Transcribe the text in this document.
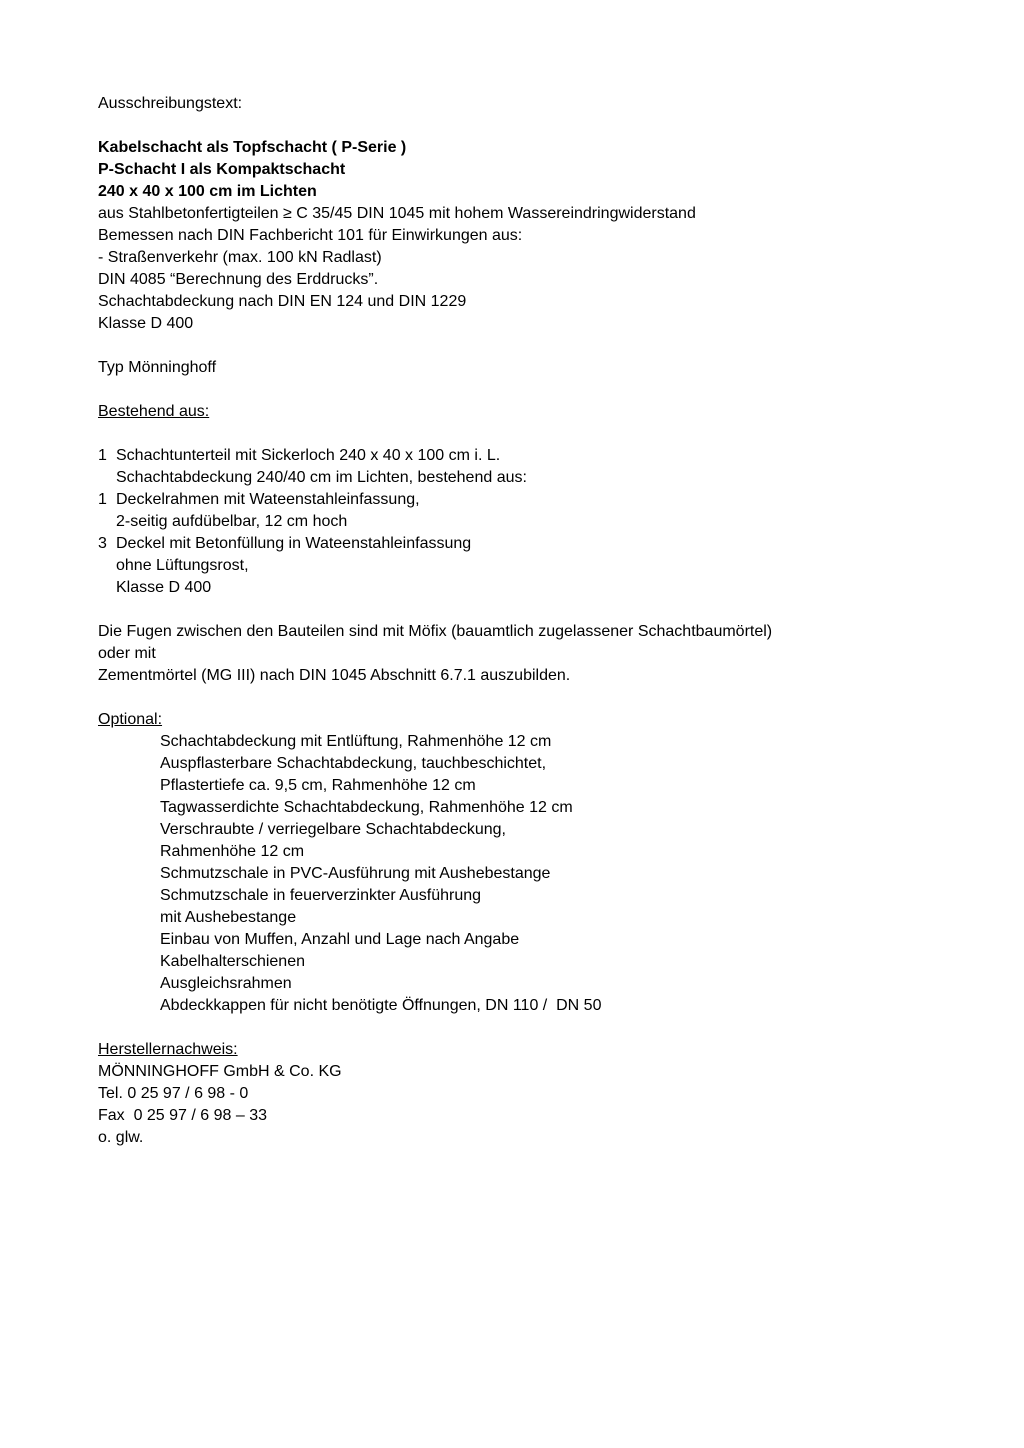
Ausschreibungstext:

Kabelschacht als Topfschacht ( P-Serie )

P-Schacht I als Kompaktschacht

240 x 40 x 100 cm im Lichten

aus Stahlbetonfertigteilen ≥ C 35/45 DIN 1045 mit hohem Wassereindringwiderstand

Bemessen nach DIN Fachbericht 101 für Einwirkungen aus:

- Straßenverkehr (max. 100 kN Radlast)

DIN 4085 “Berechnung des Erddrucks”.

Schachtabdeckung nach DIN EN 124 und DIN 1229

Klasse D 400

Typ Mönninghoff

Bestehend aus:

1 Schachtunterteil mit Sickerloch 240 x 40 x 100 cm i. L.

Schachtabdeckung 240/40 cm im Lichten, bestehend aus:

1 Deckelrahmen mit Wateenstahleinfassung,

2-seitig aufdübelbar, 12 cm hoch

3 Deckel mit Betonfüllung in Wateenstahleinfassung

ohne Lüftungsrost,

Klasse D 400

Die Fugen zwischen den Bauteilen sind mit Möfix (bauamtlich zugelassener Schachtbaumörtel)

oder mit

Zementmörtel (MG III) nach DIN 1045 Abschnitt 6.7.1 auszubilden.

Optional:

Schachtabdeckung mit Entlüftung, Rahmenhöhe 12 cm

Auspflasterbare Schachtabdeckung, tauchbeschichtet,

Pflastertiefe ca. 9,5 cm, Rahmenhöhe 12 cm

Tagwasserdichte Schachtabdeckung, Rahmenhöhe 12 cm

Verschraubte / verriegelbare Schachtabdeckung,

Rahmenhöhe 12 cm

Schmutzschale in PVC-Ausführung mit Aushebestange

Schmutzschale in feuerverzinkter Ausführung

mit Aushebestange

Einbau von Muffen, Anzahl und Lage nach Angabe

Kabelhalterschienen

Ausgleichsrahmen

Abdeckkappen für nicht benötigte Öffnungen, DN 110 /  DN 50

Herstellernachweis:

MÖNNINGHOFF GmbH & Co. KG

Tel. 0 25 97 / 6 98 - 0

Fax  0 25 97 / 6 98 – 33

o. glw.
